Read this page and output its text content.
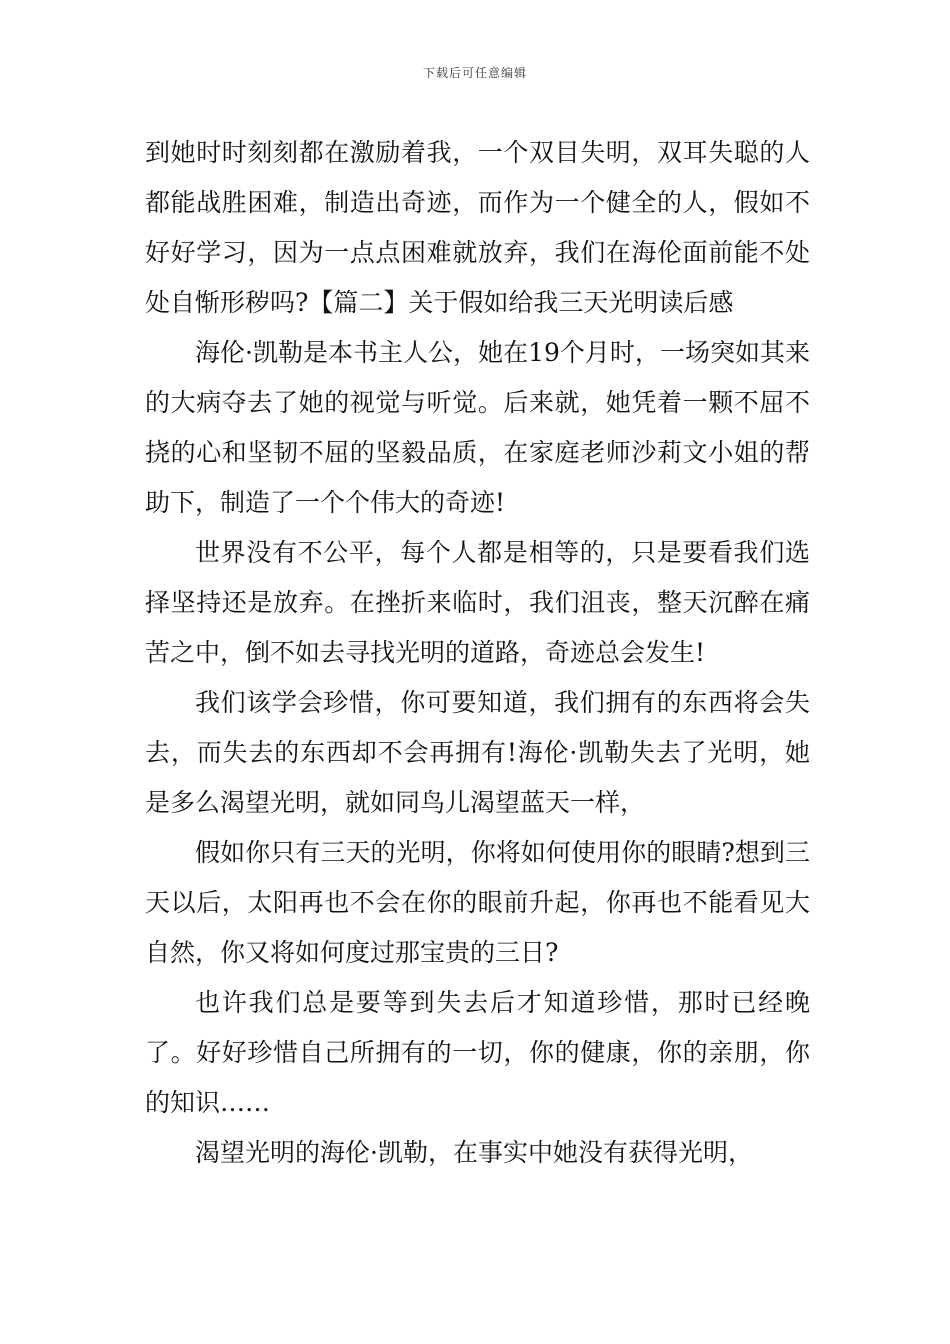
下载后可任意编辑

到她时时刻刻都在激励着我，一个双目失明，双耳失聪的人都能战胜困难，制造出奇迹，而作为一个健全的人，假如不好好学习，因为一点点困难就放弃，我们在海伦面前能不处处自惭形秽吗?【篇二】关于假如给我三天光明读后感

海伦·凯勒是本书主人公，她在19个月时，一场突如其来的大病夺去了她的视觉与听觉。后来就，她凭着一颗不屈不挠的心和坚韧不屈的坚毅品质，在家庭老师沙莉文小姐的帮助下，制造了一个个伟大的奇迹!

世界没有不公平，每个人都是相等的，只是要看我们选择坚持还是放弃。在挫折来临时，我们沮丧，整天沉醉在痛苦之中，倒不如去寻找光明的道路，奇迹总会发生!

我们该学会珍惜，你可要知道，我们拥有的东西将会失去，而失去的东西却不会再拥有!海伦·凯勒失去了光明，她是多么渴望光明，就如同鸟儿渴望蓝天一样，

假如你只有三天的光明，你将如何使用你的眼睛?想到三天以后，太阳再也不会在你的眼前升起，你再也不能看见大自然，你又将如何度过那宝贵的三日?

也许我们总是要等到失去后才知道珍惜，那时已经晚了。好好珍惜自己所拥有的一切，你的健康，你的亲朋，你的知识……

渴望光明的海伦·凯勒，在事实中她没有获得光明，
